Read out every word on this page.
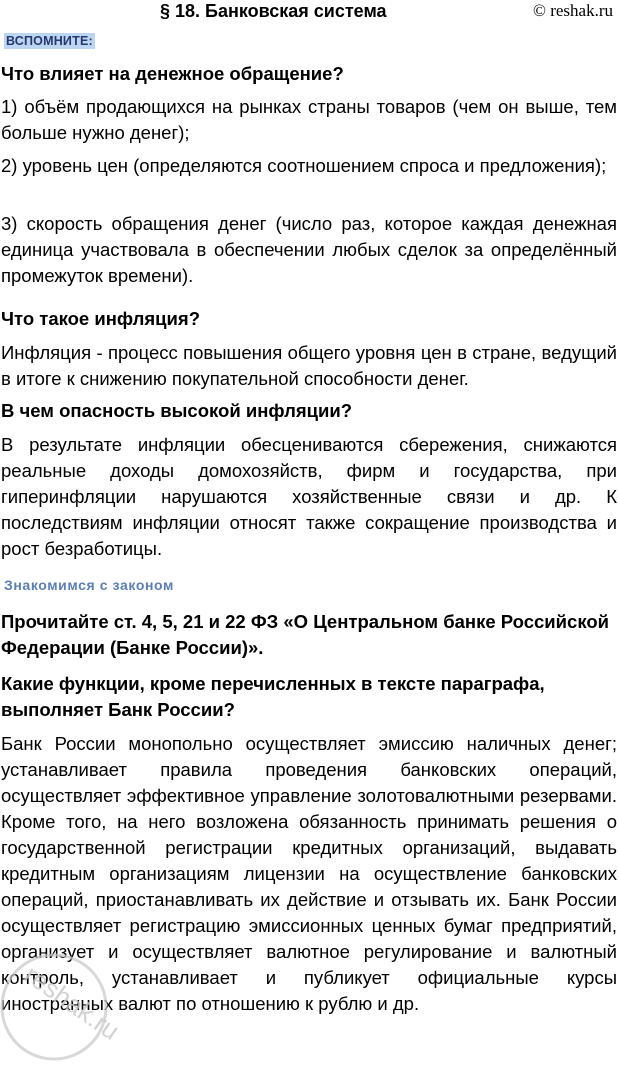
§ 18. Банковская система	© reshak.ru
ВСПОМНИТЕ:
Что влияет на денежное обращение?
1) объём продающихся на рынках страны товаров (чем он выше, тем больше нужно денег);
2) уровень цен (определяются соотношением спроса и предложения);
3) скорость обращения денег (число раз, которое каждая денежная единица участвовала в обеспечении любых сделок за определённый промежуток времени).
Что такое инфляция?
Инфляция - процесс повышения общего уровня цен в стране, ведущий в итоге к снижению покупательной способности денег.
В чем опасность высокой инфляции?
В результате инфляции обесцениваются сбережения, снижаются реальные доходы домохозяйств, фирм и государства, при гиперинфляции нарушаются хозяйственные связи и др. К последствиям инфляции относят также сокращение производства и рост безработицы.
Знакомимся с законом
Прочитайте ст. 4, 5, 21 и 22 ФЗ «О Центральном банке Российской Федерации (Банке России)».
Какие функции, кроме перечисленных в тексте параграфа, выполняет Банк России?
Банк России монопольно осуществляет эмиссию наличных денег; устанавливает правила проведения банковских операций, осуществляет эффективное управление золотовалютными резервами. Кроме того, на него возложена обязанность принимать решения о государственной регистрации кредитных организаций, выдавать кредитным организациям лицензии на осуществление банковских операций, приостанавливать их действие и отзывать их. Банк России осуществляет регистрацию эмиссионных ценных бумаг предприятий, организует и осуществляет валютное регулирование и валютный контроль, устанавливает и публикует официальные курсы иностранных валют по отношению к рублю и др.
reshak.ru
